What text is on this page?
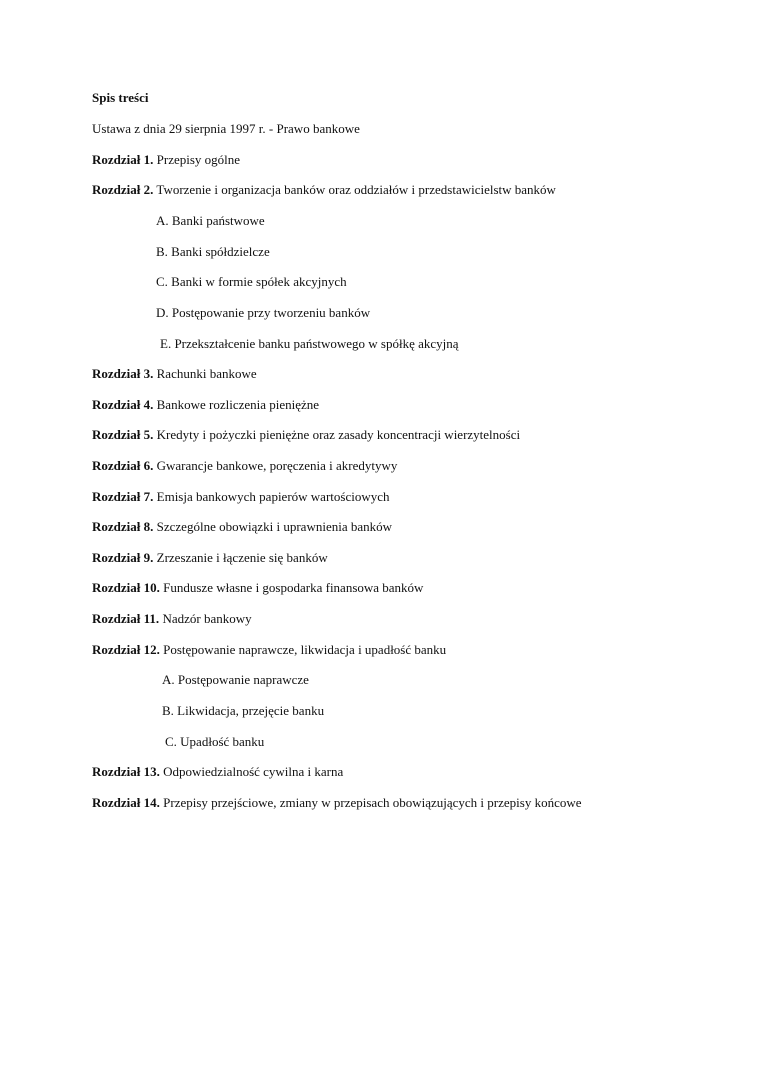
Spis treści
Ustawa z dnia 29 sierpnia 1997 r. - Prawo bankowe
Rozdział 1. Przepisy ogólne
Rozdział 2. Tworzenie i organizacja banków oraz oddziałów i przedstawicielstw banków
A. Banki państwowe
B. Banki spółdzielcze
C. Banki w formie spółek akcyjnych
D. Postępowanie przy tworzeniu banków
E. Przekształcenie banku państwowego w spółkę akcyjną
Rozdział 3. Rachunki bankowe
Rozdział 4. Bankowe rozliczenia pieniężne
Rozdział 5. Kredyty i pożyczki pieniężne oraz zasady koncentracji wierzytelności
Rozdział 6. Gwarancje bankowe, poręczenia i akredytywy
Rozdział 7. Emisja bankowych papierów wartościowych
Rozdział 8. Szczególne obowiązki i uprawnienia banków
Rozdział 9. Zrzeszanie i łączenie się banków
Rozdział 10. Fundusze własne i gospodarka finansowa banków
Rozdział 11. Nadzór bankowy
Rozdział 12. Postępowanie naprawcze, likwidacja i upadłość banku
A. Postępowanie naprawcze
B. Likwidacja, przejęcie banku
C. Upadłość banku
Rozdział 13. Odpowiedzialność cywilna i karna
Rozdział 14. Przepisy przejściowe, zmiany w przepisach obowiązujących i przepisy końcowe
